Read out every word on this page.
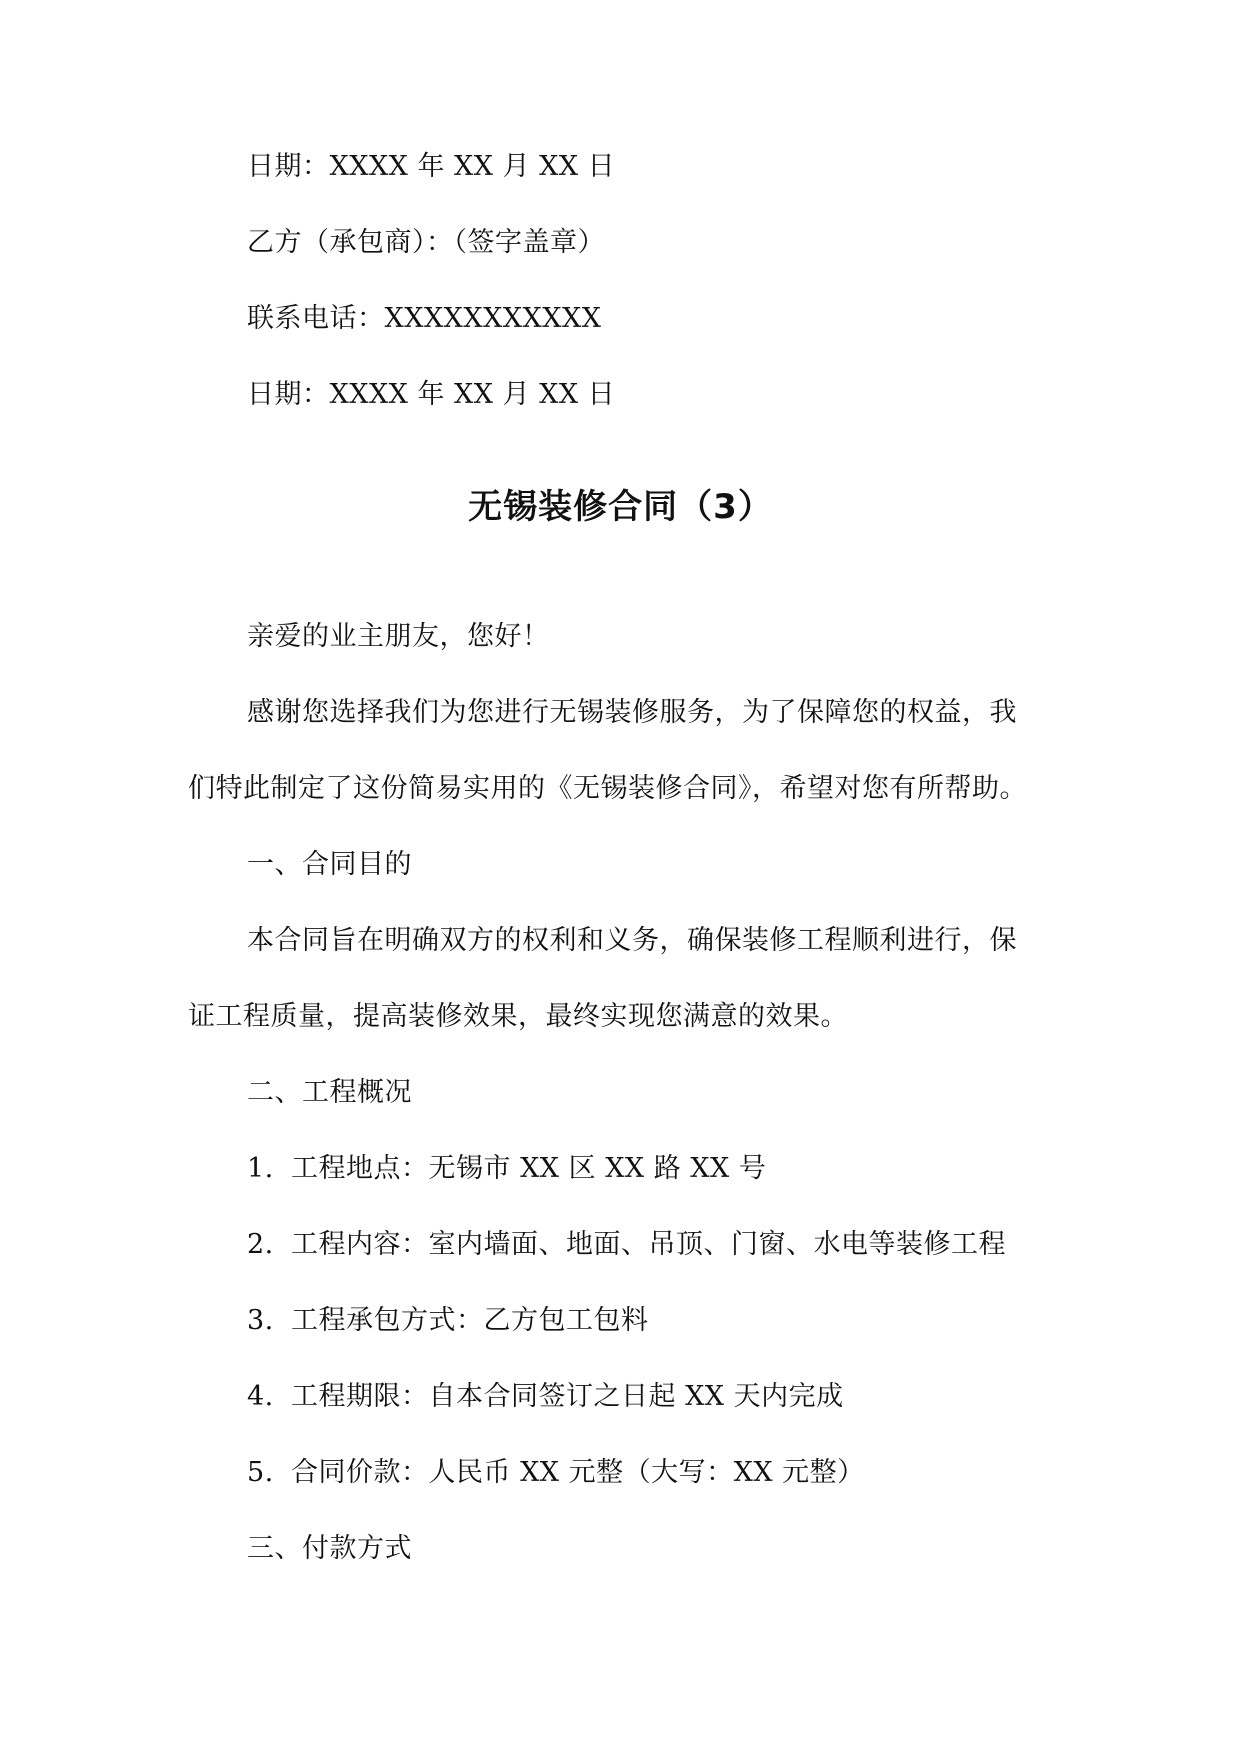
日期：XXXX 年 XX 月 XX 日
乙方（承包商）：（签字盖章）
联系电话：XXXXXXXXXXX
日期：XXXX 年 XX 月 XX 日
无锡装修合同（3）
亲爱的业主朋友，您好！
感谢您选择我们为您进行无锡装修服务，为了保障您的权益，我
们特此制定了这份简易实用的《无锡装修合同》，希望对您有所帮助。
一、合同目的
本合同旨在明确双方的权利和义务，确保装修工程顺利进行，保
证工程质量，提高装修效果，最终实现您满意的效果。
二、工程概况
1. 工程地点：无锡市 XX 区 XX 路 XX 号
2. 工程内容：室内墙面、地面、吊顶、门窗、水电等装修工程
3. 工程承包方式：乙方包工包料
4. 工程期限：自本合同签订之日起 XX 天内完成
5. 合同价款：人民币 XX 元整（大写：XX 元整）
三、付款方式
